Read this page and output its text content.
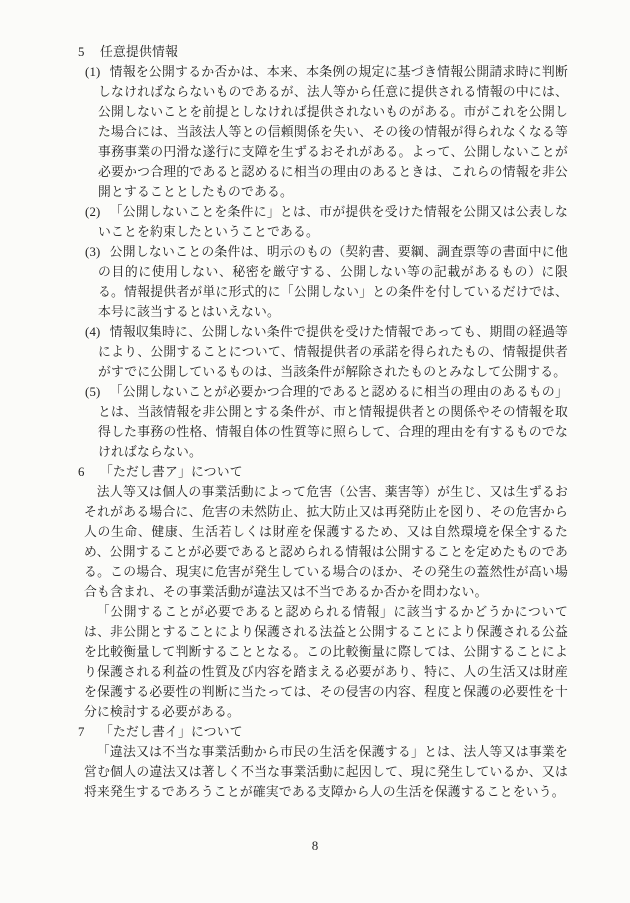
5 任意提供情報
(1) 情報を公開するか否かは、本来、本条例の規定に基づき情報公開請求時に判断しなければならないものであるが、法人等から任意に提供される情報の中には、公開しないことを前提としなければ提供されないものがある。市がこれを公開した場合には、当該法人等との信頼関係を失い、その後の情報が得られなくなる等事務事業の円滑な遂行に支障を生ずるおそれがある。よって、公開しないことが必要かつ合理的であると認めるに相当の理由のあるときは、これらの情報を非公開とすることとしたものである。
(2) 「公開しないことを条件に」とは、市が提供を受けた情報を公開又は公表しないことを約束したということである。
(3) 公開しないことの条件は、明示のもの（契約書、要綱、調査票等の書面中に他の目的に使用しない、秘密を厳守する、公開しない等の記載があるもの）に限る。情報提供者が単に形式的に「公開しない」との条件を付しているだけでは、本号に該当するとはいえない。
(4) 情報収集時に、公開しない条件で提供を受けた情報であっても、期間の経過等により、公開することについて、情報提供者の承諾を得られたもの、情報提供者がすでに公開しているものは、当該条件が解除されたものとみなして公開する。
(5) 「公開しないことが必要かつ合理的であると認めるに相当の理由のあるもの」とは、当該情報を非公開とする条件が、市と情報提供者との関係やその情報を取得した事務の性格、情報自体の性質等に照らして、合理的理由を有するものでなければならない。
6 「ただし書ア」について
法人等又は個人の事業活動によって危害（公害、薬害等）が生じ、又は生ずるおそれがある場合に、危害の未然防止、拡大防止又は再発防止を図り、その危害から人の生命、健康、生活若しくは財産を保護するため、又は自然環境を保全するため、公開することが必要であると認められる情報は公開することを定めたものである。この場合、現実に危害が発生している場合のほか、その発生の蓋然性が高い場合も含まれ、その事業活動が違法又は不当であるか否かを問わない。
「公開することが必要であると認められる情報」に該当するかどうかについては、非公開とすることにより保護される法益と公開することにより保護される公益を比較衡量して判断することとなる。この比較衡量に際しては、公開することにより保護される利益の性質及び内容を踏まえる必要があり、特に、人の生活又は財産を保護する必要性の判断に当たっては、その侵害の内容、程度と保護の必要性を十分に検討する必要がある。
7 「ただし書イ」について
「違法又は不当な事業活動から市民の生活を保護する」とは、法人等又は事業を営む個人の違法又は著しく不当な事業活動に起因して、現に発生しているか、又は将来発生するであろうことが確実である支障から人の生活を保護することをいう。
8
